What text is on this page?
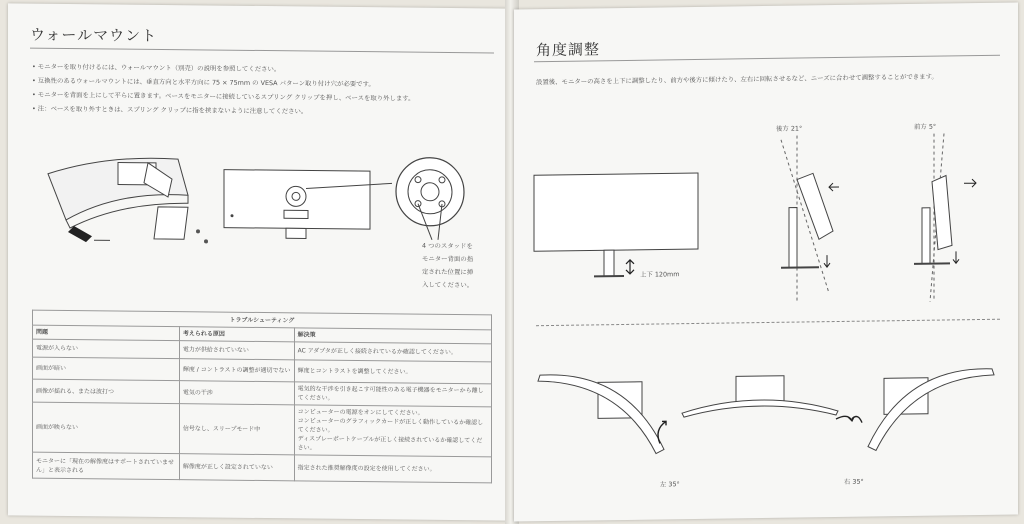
ウォールマウント
• モニターを取り付けるには、ウォールマウント（別売）の説明を参照してください。
• 互換性のあるウォールマウントには、垂直方向と水平方向に 75 × 75mm の VESA パターン取り付け穴が必要です。
• モニターを背面を上にして平らに置きます。ベースをモニターに接続しているスプリング クリップを押し、ベースを取り外します。
• 注：ベースを取り外すときは、スプリング クリップに指を挟まないように注意してください。
4 つのスタッドを
モニター背面の指
定された位置に挿
入してください。
トラブルシューティング		
問題	考えられる原因	解決策
電源が入らない	電力が供給されていない	AC アダプタが正しく接続されているか確認してください。
画面が暗い	輝度 / コントラストの調整が適切でない	輝度とコントラストを調整してください。
画像が揺れる、または波打つ	電気の干渉	電気的な干渉を引き起こす可能性のある電子機器をモニターから離してください。
画面が映らない	信号なし、スリープモード中	コンピューターの電源をオンにしてください。
コンピューターのグラフィックカードが正しく動作しているか確認してください。
ディスプレーポートケーブルが正しく接続されているか確認してください。
モニターに「現在の解像度はサポートされていません」と表示される	解像度が正しく設定されていない	指定された推奨解像度の設定を使用してください。
角度調整
設置後、モニターの高さを上下に調整したり、前方や後方に傾けたり、左右に回転させるなど、ニーズに合わせて調整することができます。
上下 120mm
後方 21°	前方 5°
左 35°	右 35°
